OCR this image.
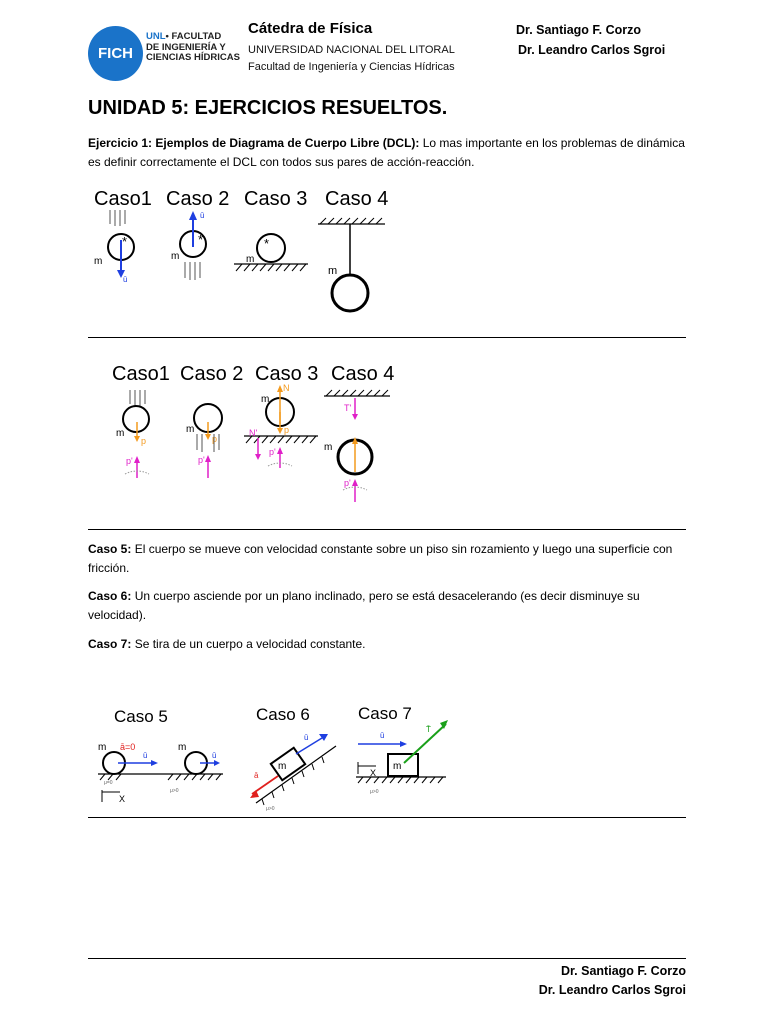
FICH
UNL• FACULTAD
DE INGENIERÍA Y
CIENCIAS HÍDRICAS
Cátedra de Física
UNIVERSIDAD NACIONAL DEL LITORAL
Facultad de Ingeniería y Ciencias Hídricas
Dr. Santiago F. Corzo
Dr. Leandro Carlos Sgroi
UNIDAD 5: EJERCICIOS RESUELTOS.
Ejercicio 1: Ejemplos de Diagrama de Cuerpo Libre (DCL): Lo mas importante en los problemas de dinámica es definir correctamente el DCL con todos sus pares de acción-reacción.
Caso1 Caso 2 Caso 3 Caso 4
*
ū
m
*
ū
m
*
m
m
Caso1 Caso 2 Caso 3 Caso 4
p
m
p'
p
m
p'
N
p
m
N'
p'
T'
m
p'
Caso 5: El cuerpo se mueve con velocidad constante sobre un piso sin rozamiento y luego una superficie con fricción.
Caso 6: Un cuerpo asciende por un plano inclinado, pero se está desacelerando (es decir disminuye su velocidad).
Caso 7: Se tira de un cuerpo a velocidad constante.
Caso 5
m ā=0
ū
m
ū
μ=0
μ>0
X
Caso 6
m
ū
ā
μ>0
Caso 7
ū
m
T̄
X
μ>0
Dr. Santiago F. Corzo
Dr. Leandro Carlos Sgroi
